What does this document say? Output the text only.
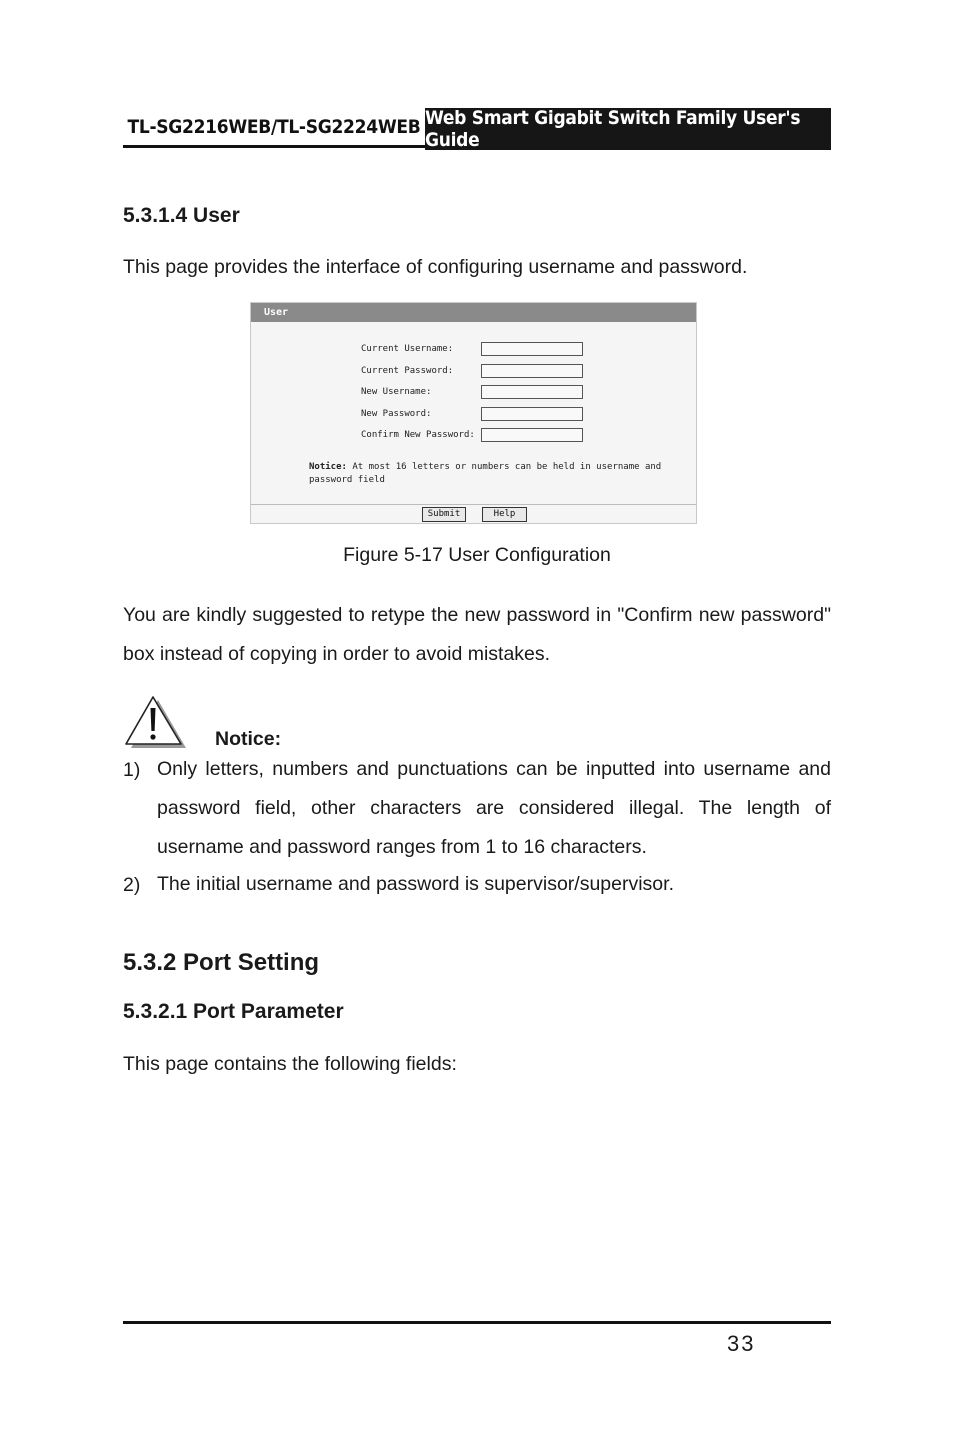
TL-SG2216WEB/TL-SG2224WEB Web Smart Gigabit Switch Family User's Guide
5.3.1.4 User
This page provides the interface of configuring username and password.
User
Current Username:
Current Password:
New Username:
New Password:
Confirm New Password:
Notice: At most 16 letters or numbers can be held in username and password field
Submit	Help
Figure 5-17 User Configuration
You are kindly suggested to retype the new password in "Confirm new password" box instead of copying in order to avoid mistakes.
Notice:
1) Only letters, numbers and punctuations can be inputted into username and password field, other characters are considered illegal. The length of username and password ranges from 1 to 16 characters.
2) The initial username and password is supervisor/supervisor.
5.3.2 Port Setting
5.3.2.1 Port Parameter
This page contains the following fields:
33
